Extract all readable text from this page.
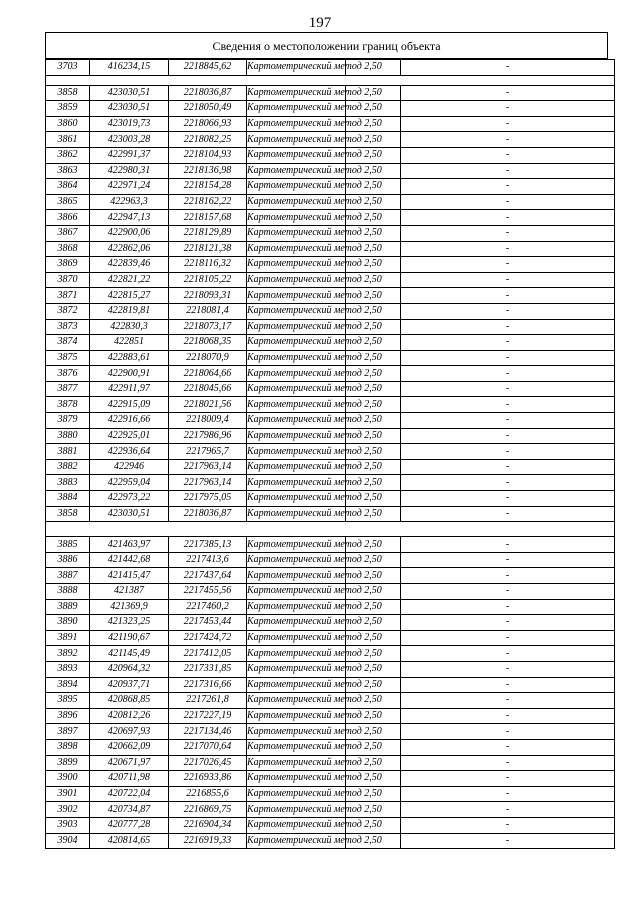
197
Сведения о местоположении границ объекта
3703	416234,15	2218845,62	Картометрический метод	2,50	-

3858	423030,51	2218036,87	Картометрический метод	2,50	-
3859	423030,51	2218050,49	Картометрический метод	2,50	-
3860	423019,73	2218066,93	Картометрический метод	2,50	-
3861	423003,28	2218082,25	Картометрический метод	2,50	-
3862	422991,37	2218104,93	Картометрический метод	2,50	-
3863	422980,31	2218136,98	Картометрический метод	2,50	-
3864	422971,24	2218154,28	Картометрический метод	2,50	-
3865	422963,3	2218162,22	Картометрический метод	2,50	-
3866	422947,13	2218157,68	Картометрический метод	2,50	-
3867	422900,06	2218129,89	Картометрический метод	2,50	-
3868	422862,06	2218121,38	Картометрический метод	2,50	-
3869	422839,46	2218116,32	Картометрический метод	2,50	-
3870	422821,22	2218105,22	Картометрический метод	2,50	-
3871	422815,27	2218093,31	Картометрический метод	2,50	-
3872	422819,81	2218081,4	Картометрический метод	2,50	-
3873	422830,3	2218073,17	Картометрический метод	2,50	-
3874	422851	2218068,35	Картометрический метод	2,50	-
3875	422883,61	2218070,9	Картометрический метод	2,50	-
3876	422900,91	2218064,66	Картометрический метод	2,50	-
3877	422911,97	2218045,66	Картометрический метод	2,50	-
3878	422915,09	2218021,56	Картометрический метод	2,50	-
3879	422916,66	2218009,4	Картометрический метод	2,50	-
3880	422925,01	2217986,96	Картометрический метод	2,50	-
3881	422936,64	2217965,7	Картометрический метод	2,50	-
3882	422946	2217963,14	Картометрический метод	2,50	-
3883	422959,04	2217963,14	Картометрический метод	2,50	-
3884	422973,22	2217975,05	Картометрический метод	2,50	-
3858	423030,51	2218036,87	Картометрический метод	2,50	-

3885	421463,97	2217385,13	Картометрический метод	2,50	-
3886	421442,68	2217413,6	Картометрический метод	2,50	-
3887	421415,47	2217437,64	Картометрический метод	2,50	-
3888	421387	2217455,56	Картометрический метод	2,50	-
3889	421369,9	2217460,2	Картометрический метод	2,50	-
3890	421323,25	2217453,44	Картометрический метод	2,50	-
3891	421190,67	2217424,72	Картометрический метод	2,50	-
3892	421145,49	2217412,05	Картометрический метод	2,50	-
3893	420964,32	2217331,85	Картометрический метод	2,50	-
3894	420937,71	2217316,66	Картометрический метод	2,50	-
3895	420868,85	2217261,8	Картометрический метод	2,50	-
3896	420812,26	2217227,19	Картометрический метод	2,50	-
3897	420697,93	2217134,46	Картометрический метод	2,50	-
3898	420662,09	2217070,64	Картометрический метод	2,50	-
3899	420671,97	2217026,45	Картометрический метод	2,50	-
3900	420711,98	2216933,86	Картометрический метод	2,50	-
3901	420722,04	2216855,6	Картометрический метод	2,50	-
3902	420734,87	2216869,75	Картометрический метод	2,50	-
3903	420777,28	2216904,34	Картометрический метод	2,50	-
3904	420814,65	2216919,33	Картометрический метод	2,50	-
